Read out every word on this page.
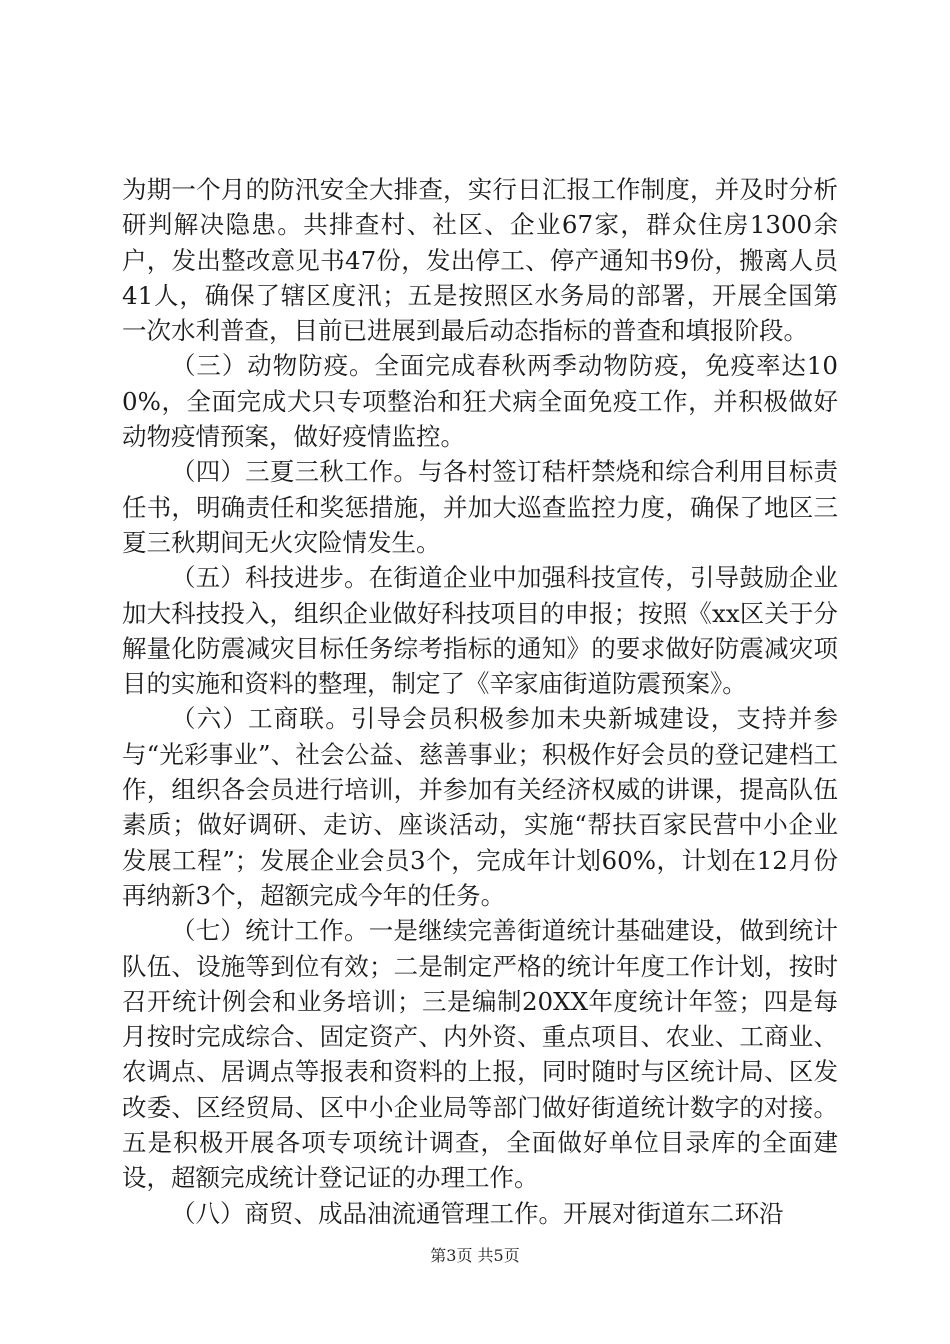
为期一个月的防汛安全大排查，实行日汇报工作制度，并及时分析研判解决隐患。共排查村、社区、企业67家，群众住房1300余户，发出整改意见书47份，发出停工、停产通知书9份，搬离人员41人，确保了辖区度汛；五是按照区水务局的部署，开展全国第一次水利普查，目前已进展到最后动态指标的普查和填报阶段。

（三）动物防疫。全面完成春秋两季动物防疫，免疫率达100%，全面完成犬只专项整治和狂犬病全面免疫工作，并积极做好动物疫情预案，做好疫情监控。

（四）三夏三秋工作。与各村签订秸杆禁烧和综合利用目标责任书，明确责任和奖惩措施，并加大巡查监控力度，确保了地区三夏三秋期间无火灾险情发生。

（五）科技进步。在街道企业中加强科技宣传，引导鼓励企业加大科技投入，组织企业做好科技项目的申报；按照《xx区关于分解量化防震减灾目标任务综考指标的通知》的要求做好防震减灾项目的实施和资料的整理，制定了《辛家庙街道防震预案》。

（六）工商联。引导会员积极参加未央新城建设，支持并参与“光彩事业”、社会公益、慈善事业；积极作好会员的登记建档工作，组织各会员进行培训，并参加有关经济权威的讲课，提高队伍素质；做好调研、走访、座谈活动，实施“帮扶百家民营中小企业发展工程”；发展企业会员3个，完成年计划60%，计划在12月份再纳新3个，超额完成今年的任务。

（七）统计工作。一是继续完善街道统计基础建设，做到统计队伍、设施等到位有效；二是制定严格的统计年度工作计划，按时召开统计例会和业务培训；三是编制20XX年度统计年签；四是每月按时完成综合、固定资产、内外资、重点项目、农业、工商业、农调点、居调点等报表和资料的上报，同时随时与区统计局、区发改委、区经贸局、区中小企业局等部门做好街道统计数字的对接。五是积极开展各项专项统计调查，全面做好单位目录库的全面建设，超额完成统计登记证的办理工作。

（八）商贸、成品油流通管理工作。开展对街道东二环沿

第3页 共5页
